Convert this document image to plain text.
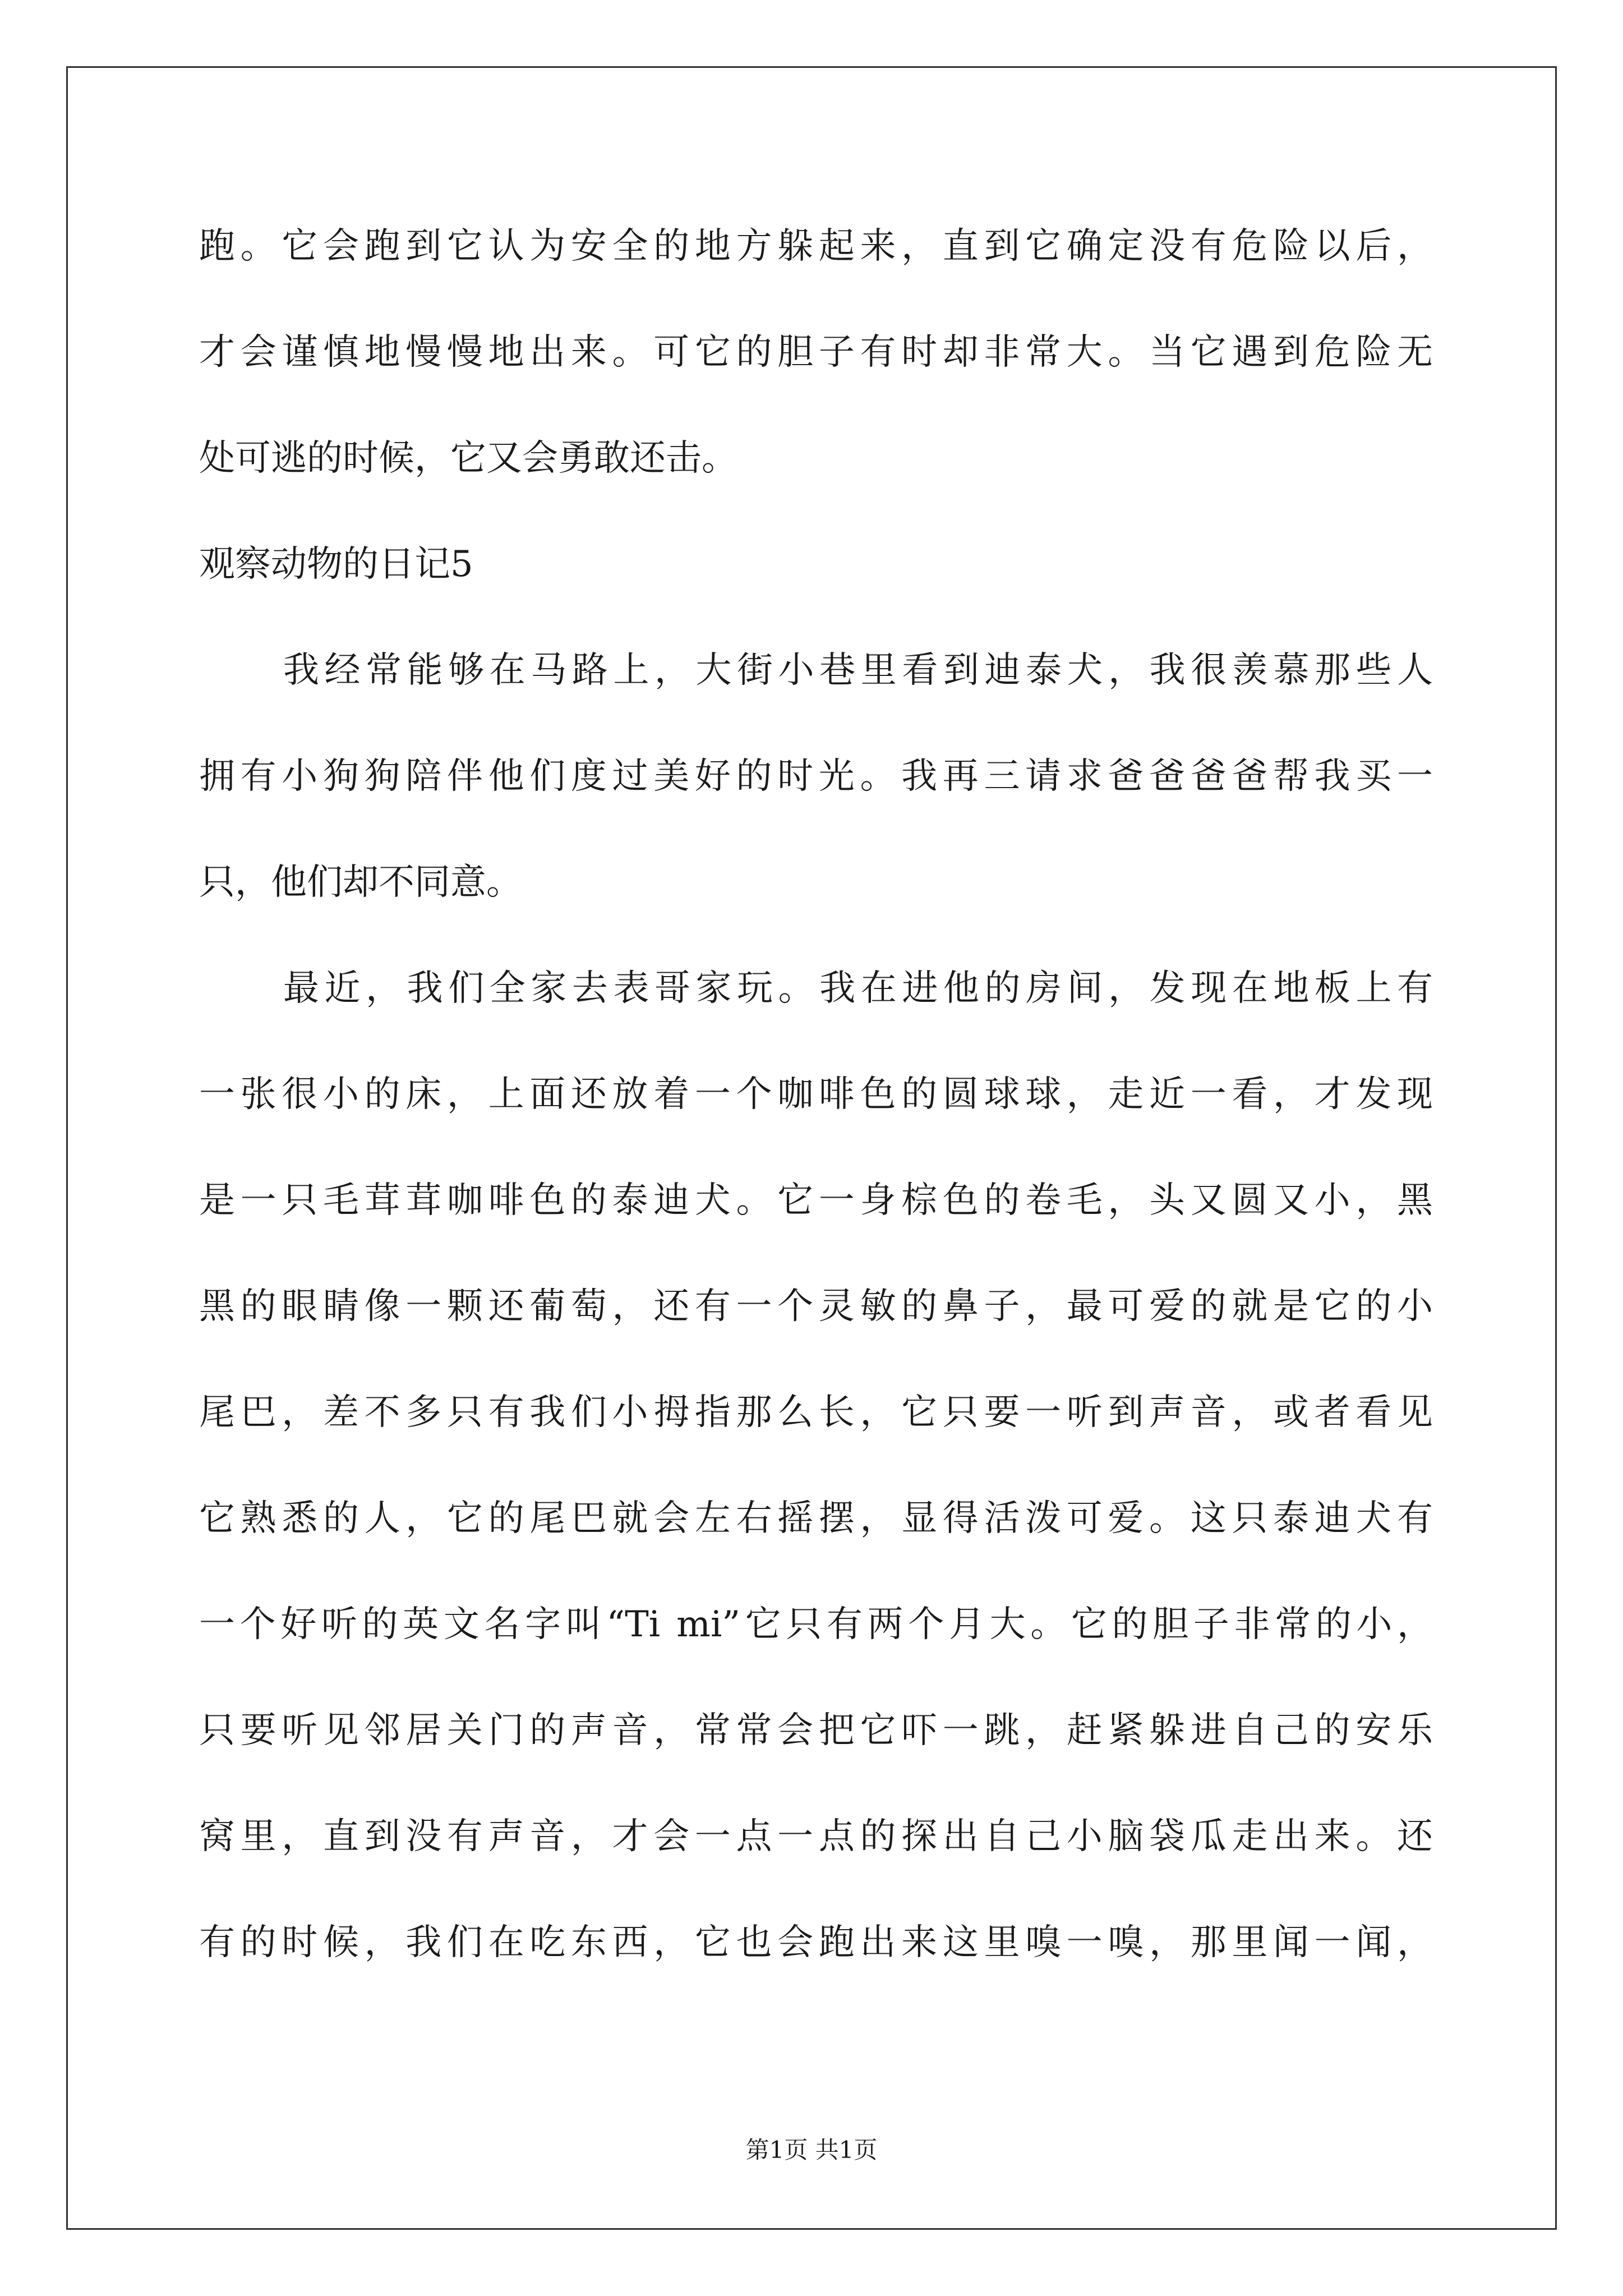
跑。它会跑到它认为安全的地方躲起来，直到它确定没有危险以后，
才会谨慎地慢慢地出来。可它的胆子有时却非常大。当它遇到危险无
处可逃的时候，它又会勇敢还击。
观察动物的日记5
我经常能够在马路上，大街小巷里看到迪泰犬，我很羡慕那些人
拥有小狗狗陪伴他们度过美好的时光。我再三请求爸爸爸爸帮我买一
只，他们却不同意。
最近，我们全家去表哥家玩。我在进他的房间，发现在地板上有
一张很小的床，上面还放着一个咖啡色的圆球球，走近一看，才发现
是一只毛茸茸咖啡色的泰迪犬。它一身棕色的卷毛，头又圆又小，黑
黑的眼睛像一颗还葡萄，还有一个灵敏的鼻子，最可爱的就是它的小
尾巴，差不多只有我们小拇指那么长，它只要一听到声音，或者看见
它熟悉的人，它的尾巴就会左右摇摆，显得活泼可爱。这只泰迪犬有
一个好听的英文名字叫“Ti mi”它只有两个月大。它的胆子非常的小，
只要听见邻居关门的声音，常常会把它吓一跳，赶紧躲进自己的安乐
窝里，直到没有声音，才会一点一点的探出自己小脑袋瓜走出来。还
有的时候，我们在吃东西，它也会跑出来这里嗅一嗅，那里闻一闻，
第1页 共1页
